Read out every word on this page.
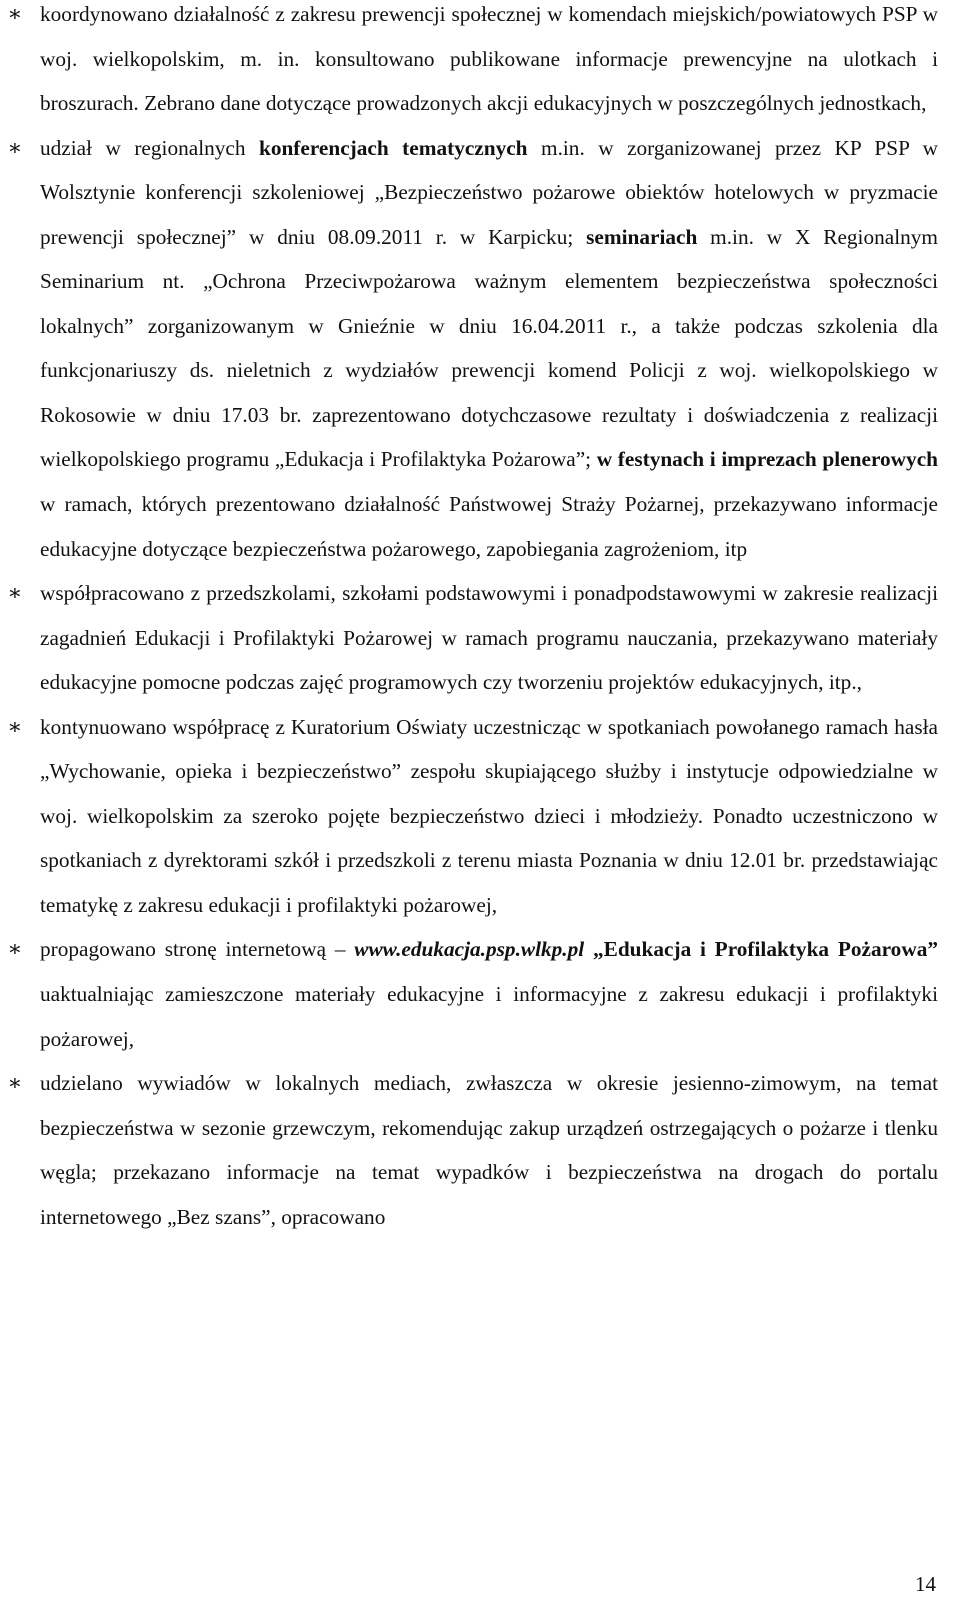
∗ koordynowano działalność z zakresu prewencji społecznej w komendach miejskich/powiatowych PSP w woj. wielkopolskim, m. in. konsultowano publikowane informacje prewencyjne na ulotkach i broszurach. Zebrano dane dotyczące prowadzonych akcji edukacyjnych w poszczególnych jednostkach,
∗ udział w regionalnych konferencjach tematycznych m.in. w zorganizowanej przez KP PSP w Wolsztynie konferencji szkoleniowej „Bezpieczeństwo pożarowe obiektów hotelowych w pryzmacie prewencji społecznej” w dniu 08.09.2011 r. w Karpicku; seminariach m.in. w X Regionalnym Seminarium nt. „Ochrona Przeciwpożarowa ważnym elementem bezpieczeństwa społeczności lokalnych” zorganizowanym w Gnieźnie w dniu 16.04.2011 r., a także podczas szkolenia dla funkcjonariuszy ds. nieletnich z wydziałów prewencji komend Policji z woj. wielkopolskiego w Rokosowie w dniu 17.03 br. zaprezentowano dotychczasowe rezultaty i doświadczenia z realizacji wielkopolskiego programu „Edukacja i Profilaktyka Pożarowa”; w festynach i imprezach plenerowych w ramach, których prezentowano działalność Państwowej Straży Pożarnej, przekazywano informacje edukacyjne dotyczące bezpieczeństwa pożarowego, zapobiegania zagrożeniom, itp
∗ współpracowano z przedszkolami, szkołami podstawowymi i ponadpodstawowymi w zakresie realizacji zagadnień Edukacji i Profilaktyki Pożarowej w ramach programu nauczania, przekazywano materiały edukacyjne pomocne podczas zajęć programowych czy tworzeniu projektów edukacyjnych, itp.,
∗ kontynuowano współpracę z Kuratorium Oświaty uczestnicząc w spotkaniach powołanego ramach hasła „Wychowanie, opieka i bezpieczeństwo” zespołu skupiającego służby i instytucje odpowiedzialne w woj. wielkopolskim za szeroko pojęte bezpieczeństwo dzieci i młodzieży. Ponadto uczestniczono w spotkaniach z dyrektorami szkół i przedszkoli z terenu miasta Poznania w dniu 12.01 br. przedstawiając tematykę z zakresu edukacji i profilaktyki pożarowej,
∗ propagowano stronę internetową – www.edukacja.psp.wlkp.pl „Edukacja i Profilaktyka Pożarowa” uaktualniając zamieszczone materiały edukacyjne i informacyjne z zakresu edukacji i profilaktyki pożarowej,
∗ udzielano wywiadów w lokalnych mediach, zwłaszcza w okresie jesienno-zimowym, na temat bezpieczeństwa w sezonie grzewczym, rekomendując zakup urządzeń ostrzegających o pożarze i tlenku węgla; przekazano informacje na temat wypadków i bezpieczeństwa na drogach do portalu internetowego „Bez szans”, opracowano
14
